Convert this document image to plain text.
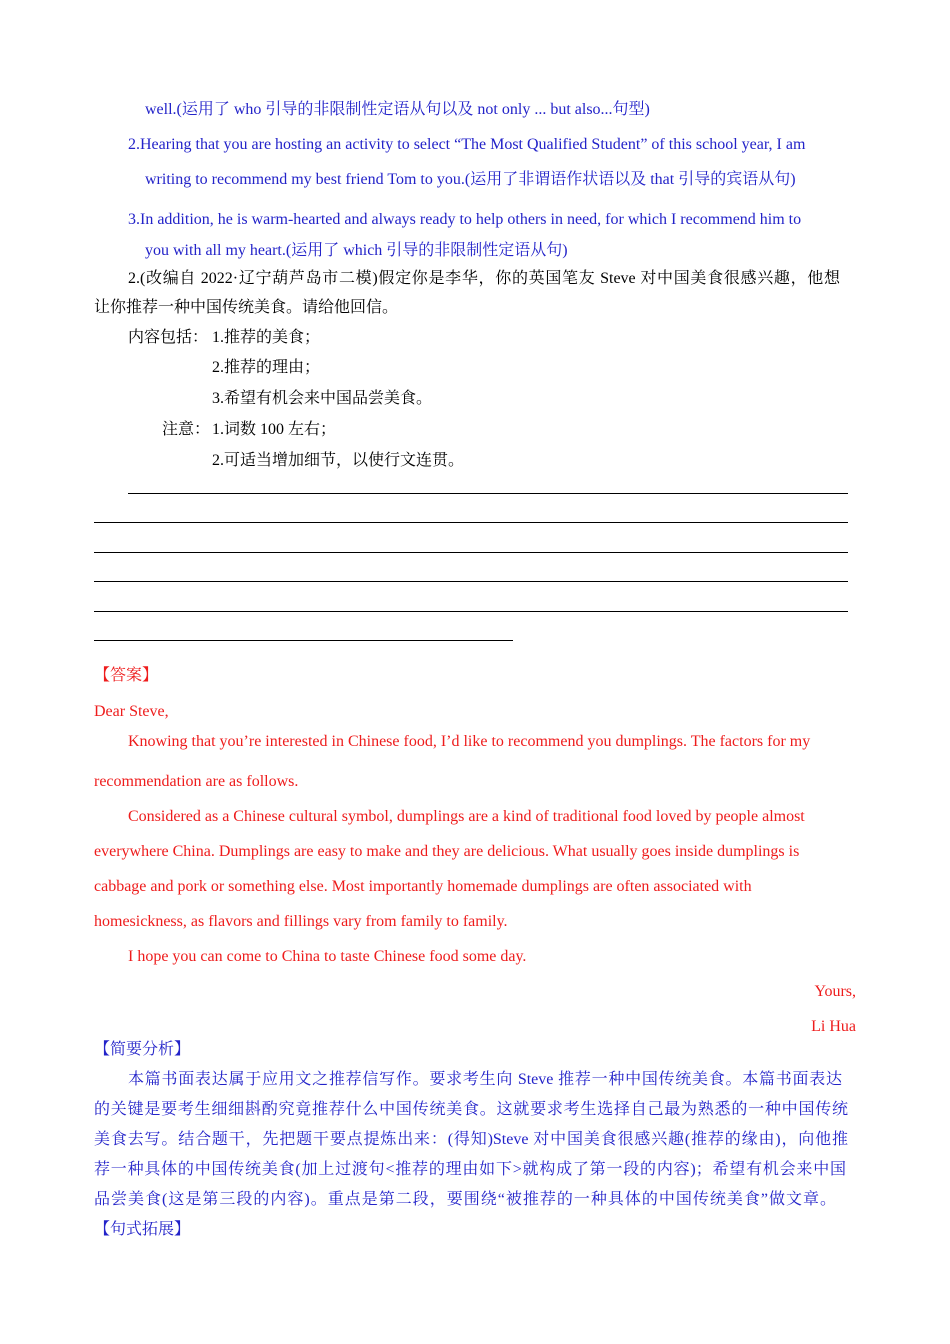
well.(运用了 who 引导的非限制性定语从句以及 not only ... but also...句型)
2.Hearing that you are hosting an activity to select “The Most Qualified Student” of this school year, I am
writing to recommend my best friend Tom to you.(运用了非谓语作状语以及 that 引导的宾语从句)
3.In addition, he is warm-hearted and always ready to help others in need, for which I recommend him to
you with all my heart.(运用了 which 引导的非限制性定语从句)
2.(改编自 2022·辽宁葫芦岛市二模)假定你是李华，你的英国笔友 Steve 对中国美食很感兴趣，他想
让你推荐一种中国传统美食。请给他回信。
内容包括： 1.推荐的美食；
2.推荐的理由；
3.希望有机会来中国品尝美食。
注意： 1.词数 100 左右；
2.可适当增加细节，以使行文连贯。
【答案】
Dear Steve,
Knowing that you’re interested in Chinese food, I’d like to recommend you dumplings. The factors for my
recommendation are as follows.
Considered as a Chinese cultural symbol, dumplings are a kind of traditional food loved by people almost
everywhere China. Dumplings are easy to make and they are delicious. What usually goes inside dumplings is
cabbage and pork or something else. Most importantly homemade dumplings are often associated with
homesickness, as flavors and fillings vary from family to family.
I hope you can come to China to taste Chinese food some day.
Yours,
Li Hua
【简要分析】
本篇书面表达属于应用文之推荐信写作。要求考生向 Steve 推荐一种中国传统美食。本篇书面表达
的关键是要考生细细斟酌究竟推荐什么中国传统美食。这就要求考生选择自己最为熟悉的一种中国传统
美食去写。结合题干，先把题干要点提炼出来：(得知)Steve 对中国美食很感兴趣(推荐的缘由)，向他推
荐一种具体的中国传统美食(加上过渡句<推荐的理由如下>就构成了第一段的内容)；希望有机会来中国
品尝美食(这是第三段的内容)。重点是第二段，要围绕“被推荐的一种具体的中国传统美食”做文章。
【句式拓展】
